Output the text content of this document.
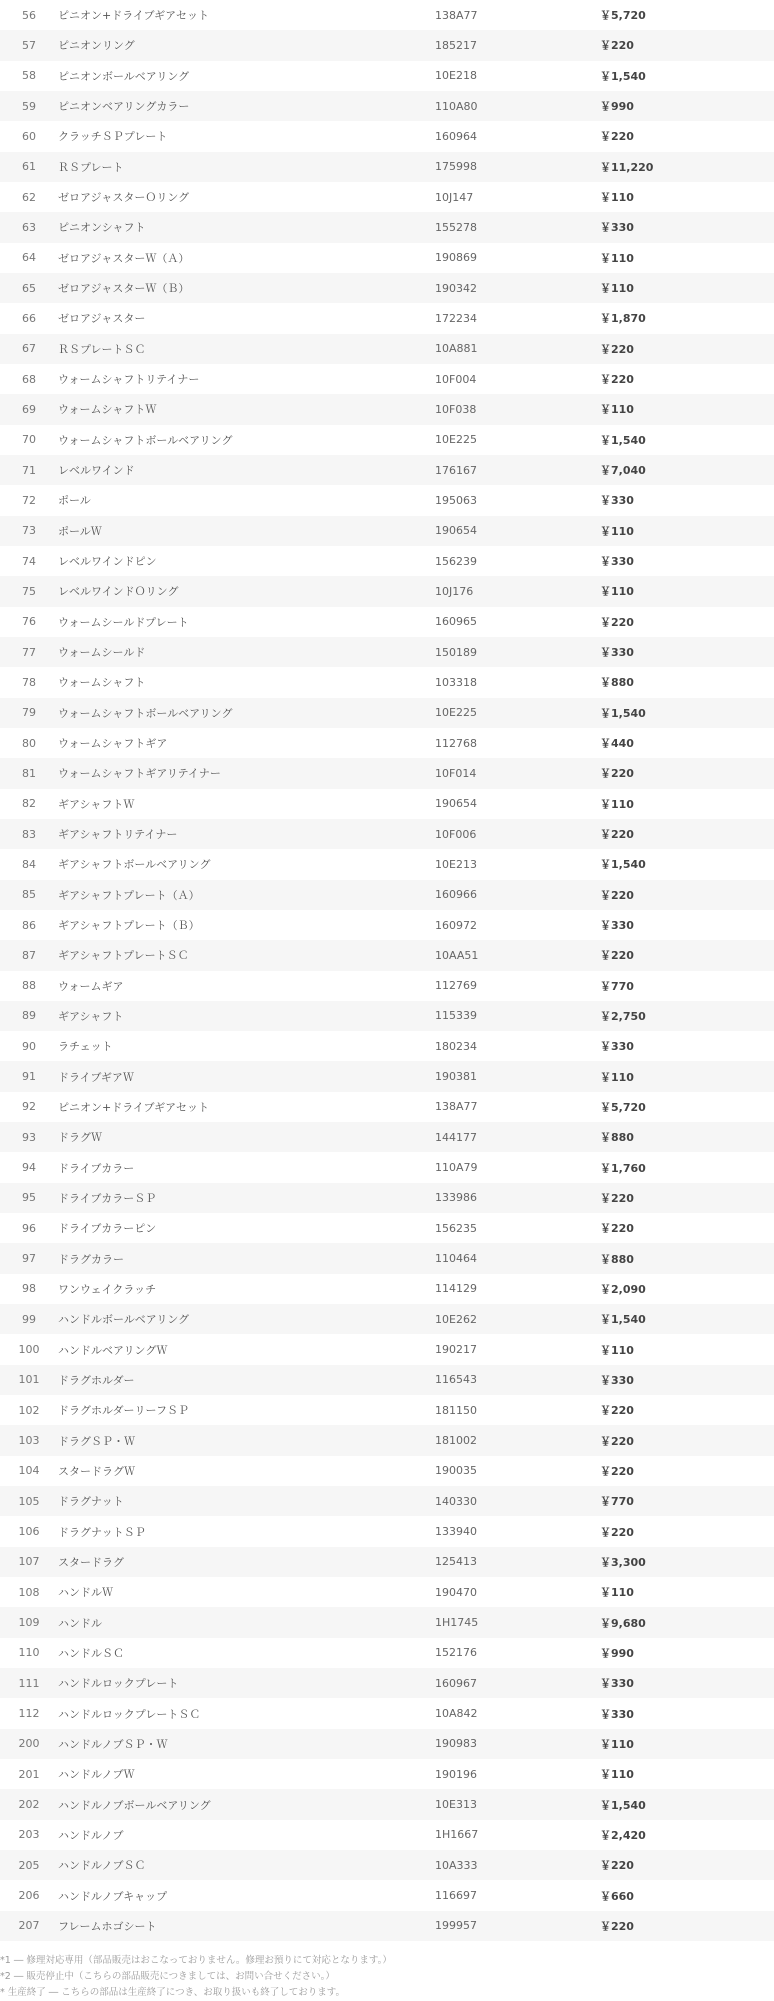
56	ピニオン+ドライブギアセット	138A77	￥5,720
57	ピニオンリング	185217	￥220
58	ピニオンボールベアリング	10E218	￥1,540
59	ピニオンベアリングカラー	110A80	￥990
60	クラッチＳＰプレート	160964	￥220
61	ＲＳプレート	175998	￥11,220
62	ゼロアジャスターＯリング	10J147	￥110
63	ピニオンシャフト	155278	￥330
64	ゼロアジャスターＷ（Ａ）	190869	￥110
65	ゼロアジャスターＷ（Ｂ）	190342	￥110
66	ゼロアジャスター	172234	￥1,870
67	ＲＳプレートＳＣ	10A881	￥220
68	ウォームシャフトリテイナー	10F004	￥220
69	ウォームシャフトＷ	10F038	￥110
70	ウォームシャフトボールベアリング	10E225	￥1,540
71	レベルワインド	176167	￥7,040
72	ポール	195063	￥330
73	ポールＷ	190654	￥110
74	レベルワインドピン	156239	￥330
75	レベルワインドＯリング	10J176	￥110
76	ウォームシールドプレート	160965	￥220
77	ウォームシールド	150189	￥330
78	ウォームシャフト	103318	￥880
79	ウォームシャフトボールベアリング	10E225	￥1,540
80	ウォームシャフトギア	112768	￥440
81	ウォームシャフトギアリテイナー	10F014	￥220
82	ギアシャフトＷ	190654	￥110
83	ギアシャフトリテイナー	10F006	￥220
84	ギアシャフトボールベアリング	10E213	￥1,540
85	ギアシャフトプレート（Ａ）	160966	￥220
86	ギアシャフトプレート（Ｂ）	160972	￥330
87	ギアシャフトプレートＳＣ	10AA51	￥220
88	ウォームギア	112769	￥770
89	ギアシャフト	115339	￥2,750
90	ラチェット	180234	￥330
91	ドライブギアＷ	190381	￥110
92	ピニオン+ドライブギアセット	138A77	￥5,720
93	ドラグＷ	144177	￥880
94	ドライブカラー	110A79	￥1,760
95	ドライブカラーＳＰ	133986	￥220
96	ドライブカラーピン	156235	￥220
97	ドラグカラー	110464	￥880
98	ワンウェイクラッチ	114129	￥2,090
99	ハンドルボールベアリング	10E262	￥1,540
100	ハンドルベアリングＷ	190217	￥110
101	ドラグホルダー	116543	￥330
102	ドラグホルダーリーフＳＰ	181150	￥220
103	ドラグＳＰ・Ｗ	181002	￥220
104	スタードラグＷ	190035	￥220
105	ドラグナット	140330	￥770
106	ドラグナットＳＰ	133940	￥220
107	スタードラグ	125413	￥3,300
108	ハンドルＷ	190470	￥110
109	ハンドル	1H1745	￥9,680
110	ハンドルＳＣ	152176	￥990
111	ハンドルロックプレート	160967	￥330
112	ハンドルロックプレートＳＣ	10A842	￥330
200	ハンドルノブＳＰ・Ｗ	190983	￥110
201	ハンドルノブＷ	190196	￥110
202	ハンドルノブボールベアリング	10E313	￥1,540
203	ハンドルノブ	1H1667	￥2,420
205	ハンドルノブＳＣ	10A333	￥220
206	ハンドルノブキャップ	116697	￥660
207	フレームホゴシート	199957	￥220
*1 ― 修理対応専用（部品販売はおこなっておりません。修理お預りにて対応となります。）
*2 ― 販売停止中（こちらの部品販売につきましては、お問い合せください。）
* 生産終了 ― こちらの部品は生産終了につき、お取り扱いも終了しております。
